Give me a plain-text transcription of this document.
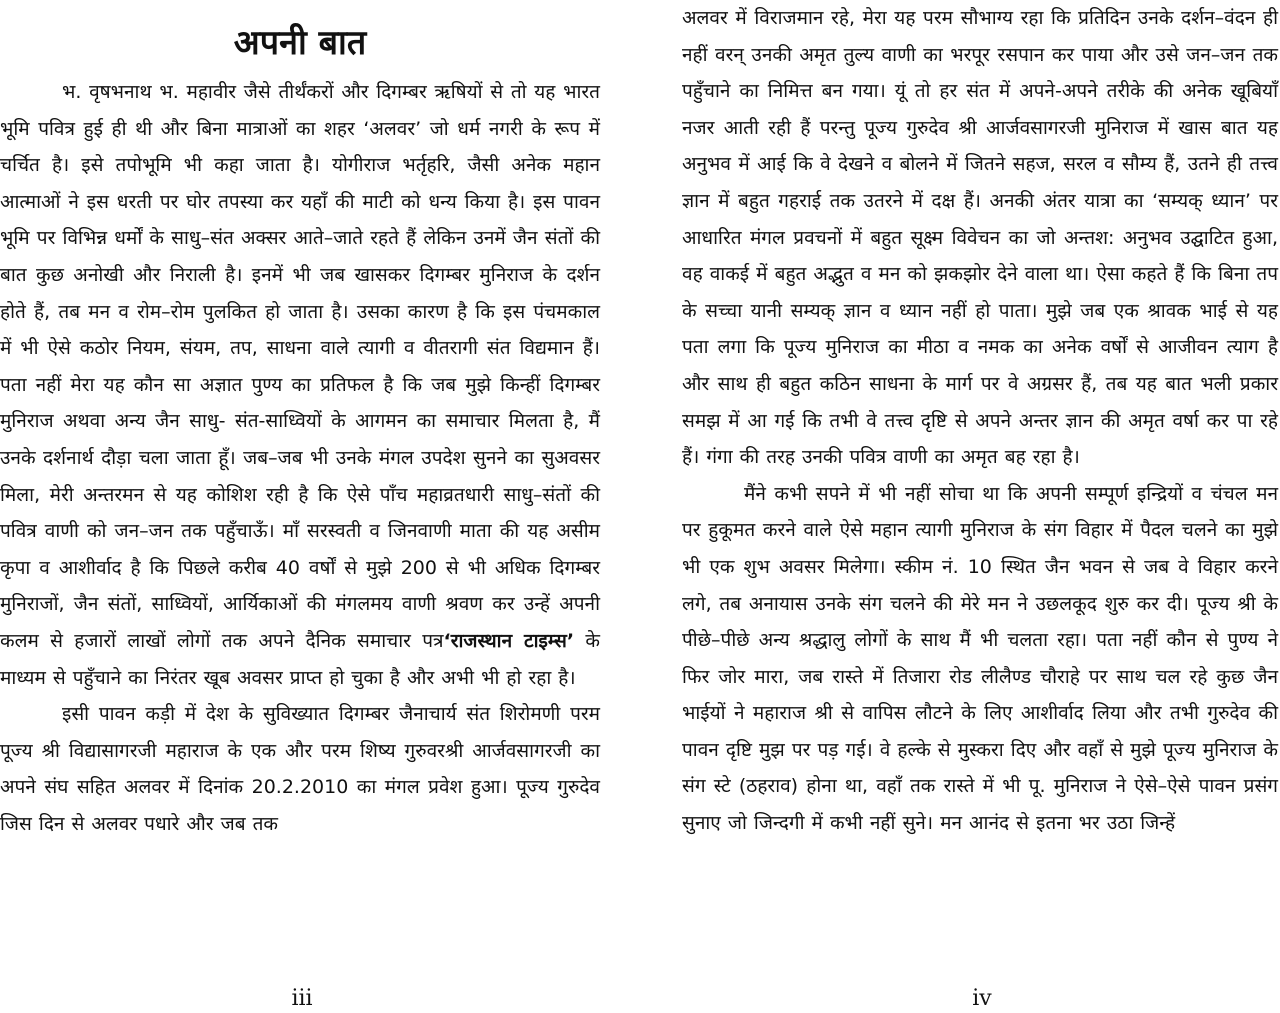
अपनी बात

भ. वृषभनाथ भ. महावीर जैसे तीर्थंकरों और दिगम्बर ऋषियों से तो यह भारत भूमि पवित्र हुई ही थी और बिना मात्राओं का शहर ‘अलवर’ जो धर्म नगरी के रूप में चर्चित है। इसे तपोभूमि भी कहा जाता है। योगीराज भर्तृहरि, जैसी अनेक महान आत्माओं ने इस धरती पर घोर तपस्या कर यहाँ की माटी को धन्य किया है। इस पावन भूमि पर विभिन्न धर्मों के साधु–संत अक्सर आते–जाते रहते हैं लेकिन उनमें जैन संतों की बात कुछ अनोखी और निराली है। इनमें भी जब खासकर दिगम्बर मुनिराज के दर्शन होते हैं, तब मन व रोम–रोम पुलकित हो जाता है। उसका कारण है कि इस पंचमकाल में भी ऐसे कठोर नियम, संयम, तप, साधना वाले त्यागी व वीतरागी संत विद्यमान हैं। पता नहीं मेरा यह कौन सा अज्ञात पुण्य का प्रतिफल है कि जब मुझे किन्हीं दिगम्बर मुनिराज अथवा अन्य जैन साधु- संत-साध्वियों के आगमन का समाचार मिलता है, मैं उनके दर्शनार्थ दौड़ा चला जाता हूँ। जब–जब भी उनके मंगल उपदेश सुनने का सुअवसर मिला, मेरी अन्तरमन से यह कोशिश रही है कि ऐसे पाँच महाव्रतधारी साधु–संतों की पवित्र वाणी को जन–जन तक पहुँचाऊँ। माँ सरस्वती व जिनवाणी माता की यह असीम कृपा व आशीर्वाद है कि पिछले करीब 40 वर्षों से मुझे 200 से भी अधिक दिगम्बर मुनिराजों, जैन संतों, साध्वियों, आर्यिकाओं की मंगलमय वाणी श्रवण कर उन्हें अपनी कलम से हजारों लाखों लोगों तक अपने दैनिक समाचार पत्र‘राजस्थान टाइम्स’ के माध्यम से पहुँचाने का निरंतर खूब अवसर प्राप्त हो चुका है और अभी भी हो रहा है।

इसी पावन कड़ी में देश के सुविख्यात दिगम्बर जैनाचार्य संत शिरोमणी परम पूज्य श्री विद्यासागरजी महाराज के एक और परम शिष्य गुरुवरश्री आर्जवसागरजी का अपने संघ सहित अलवर में दिनांक 20.2.2010 का मंगल प्रवेश हुआ। पूज्य गुरुदेव जिस दिन से अलवर पधारे और जब तक

iii

अलवर में विराजमान रहे, मेरा यह परम सौभाग्य रहा कि प्रतिदिन उनके दर्शन–वंदन ही नहीं वरन् उनकी अमृत तुल्य वाणी का भरपूर रसपान कर पाया और उसे जन–जन तक पहुँचाने का निमित्त बन गया। यूं तो हर संत में अपने-अपने तरीके की अनेक खूबियाँ नजर आती रही हैं परन्तु पूज्य गुरुदेव श्री आर्जवसागरजी मुनिराज में खास बात यह अनुभव में आई कि वे देखने व बोलने में जितने सहज, सरल व सौम्य हैं, उतने ही तत्त्व ज्ञान में बहुत गहराई तक उतरने में दक्ष हैं। अनकी अंतर यात्रा का ‘सम्यक् ध्यान’ पर आधारित मंगल प्रवचनों में बहुत सूक्ष्म विवेचन का जो अन्तश: अनुभव उद्घाटित हुआ, वह वाकई में बहुत अद्भुत व मन को झकझोर देने वाला था। ऐसा कहते हैं कि बिना तप के सच्चा यानी सम्यक् ज्ञान व ध्यान नहीं हो पाता। मुझे जब एक श्रावक भाई से यह पता लगा कि पूज्य मुनिराज का मीठा व नमक का अनेक वर्षों से आजीवन त्याग है और साथ ही बहुत कठिन साधना के मार्ग पर वे अग्रसर हैं, तब यह बात भली प्रकार समझ में आ गई कि तभी वे तत्त्व दृष्टि से अपने अन्तर ज्ञान की अमृत वर्षा कर पा रहे हैं। गंगा की तरह उनकी पवित्र वाणी का अमृत बह रहा है।

मैंने कभी सपने में भी नहीं सोचा था कि अपनी सम्पूर्ण इन्द्रियों व चंचल मन पर हुकूमत करने वाले ऐसे महान त्यागी मुनिराज के संग विहार में पैदल चलने का मुझे भी एक शुभ अवसर मिलेगा। स्कीम नं. 10 स्थित जैन भवन से जब वे विहार करने लगे, तब अनायास उनके संग चलने की मेरे मन ने उछलकूद शुरु कर दी। पूज्य श्री के पीछे–पीछे अन्य श्रद्धालु लोगों के साथ मैं भी चलता रहा। पता नहीं कौन से पुण्य ने फिर जोर मारा, जब रास्ते में तिजारा रोड लीलैण्ड चौराहे पर साथ चल रहे कुछ जैन भाईयों ने महाराज श्री से वापिस लौटने के लिए आशीर्वाद लिया और तभी गुरुदेव की पावन दृष्टि मुझ पर पड़ गई। वे हल्के से मुस्करा दिए और वहाँ से मुझे पूज्य मुनिराज के संग स्टे (ठहराव) होना था, वहाँ तक रास्ते में भी पू. मुनिराज ने ऐसे–ऐसे पावन प्रसंग सुनाए जो जिन्दगी में कभी नहीं सुने। मन आनंद से इतना भर उठा जिन्हें

iv
